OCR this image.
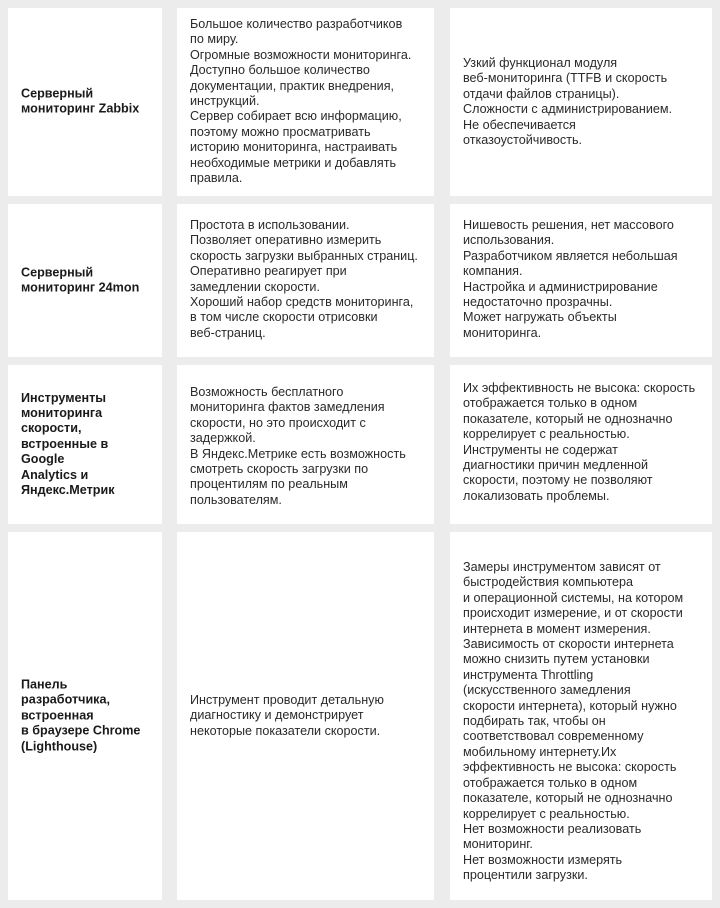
Серверный
мониторинг Zabbix

Большое количество разработчиков

по миру.

Огромные возможности мониторинга.

Доступно большое количество

документации, практик внедрения,

инструкций.

Сервер собирает всю информацию,

поэтому можно просматривать

историю мониторинга, настраивать

необходимые метрики и добавлять

правила.

Узкий функционал модуля

веб-мониторинга (TTFB и скорость

отдачи файлов страницы).

Сложности с администрированием.

Не обеспечивается

отказоустойчивость.

Серверный
мониторинг 24mon

Простота в использовании.

Позволяет оперативно измерить

скорость загрузки выбранных страниц.

Оперативно реагирует при

замедлении скорости.

Хороший набор средств мониторинга,

в том числе скорости отрисовки

веб-страниц.

Нишевость решения, нет массового

использования.

Разработчиком является небольшая

компания.

Настройка и администрирование

недостаточно прозрачны.

Может нагружать объекты

мониторинга.

Инструменты
мониторинга
скорости,
встроенные в Google
Analytics и
Яндекс.Метрик

Возможность бесплатного

мониторинга фактов замедления

скорости, но это происходит с

задержкой.

В Яндекс.Метрике есть возможность

смотреть скорость загрузки по

процентилям по реальным

пользователям.

Их эффективность не высока: скорость

отображается только в одном

показателе, который не однозначно

коррелирует с реальностью.

Инструменты не содержат

диагностики причин медленной

скорости, поэтому не позволяют

локализовать проблемы.

Панель
разработчика,
встроенная
в браузере Chrome
(Lighthouse)

Инструмент проводит детальную

диагностику и демонстрирует

некоторые показатели скорости.

Замеры инструментом зависят от

быстродействия компьютера

и операционной системы, на котором

происходит измерение, и от скорости

интернета в момент измерения.

Зависимость от скорости интернета

можно снизить путем установки

инструмента Throttling

(искусственного замедления

скорости интернета), который нужно

подбирать так, чтобы он

соответствовал современному

мобильному интернету.Их

эффективность не высока: скорость

отображается только в одном

показателе, который не однозначно

коррелирует с реальностью.

Нет возможности реализовать

мониторинг.

Нет возможности измерять

процентили загрузки.
